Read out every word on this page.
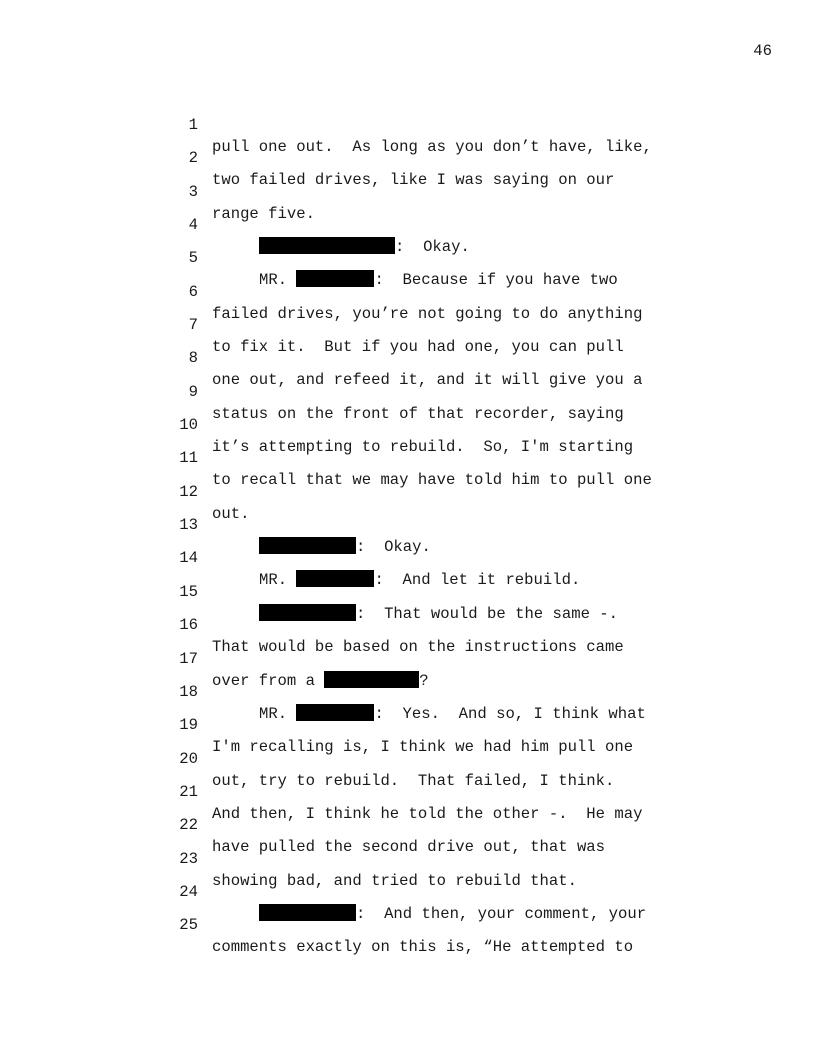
46

1

pull one out.  As long as you don’t have, like,

2

two failed drives, like I was saying on our

3

range five.

4

:  Okay.

5

MR.	:  Because if you have two

6

failed drives, you’re not going to do anything

7

to fix it.  But if you had one, you can pull

8

one out, and refeed it, and it will give you a

9

status on the front of that recorder, saying

10

it’s attempting to rebuild.  So, I'm starting

11

to recall that we may have told him to pull one

12

out.

13

:  Okay.

14

MR.	:  And let it rebuild.

15

:  That would be the same -.

16

That would be based on the instructions came

17

over from a	?

18

MR.	:  Yes.  And so, I think what

19

I'm recalling is, I think we had him pull one

20

out, try to rebuild.  That failed, I think.

21

And then, I think he told the other -.  He may

22

have pulled the second drive out, that was

23

showing bad, and tried to rebuild that.

24

:  And then, your comment, your

25

comments exactly on this is, “He attempted to
